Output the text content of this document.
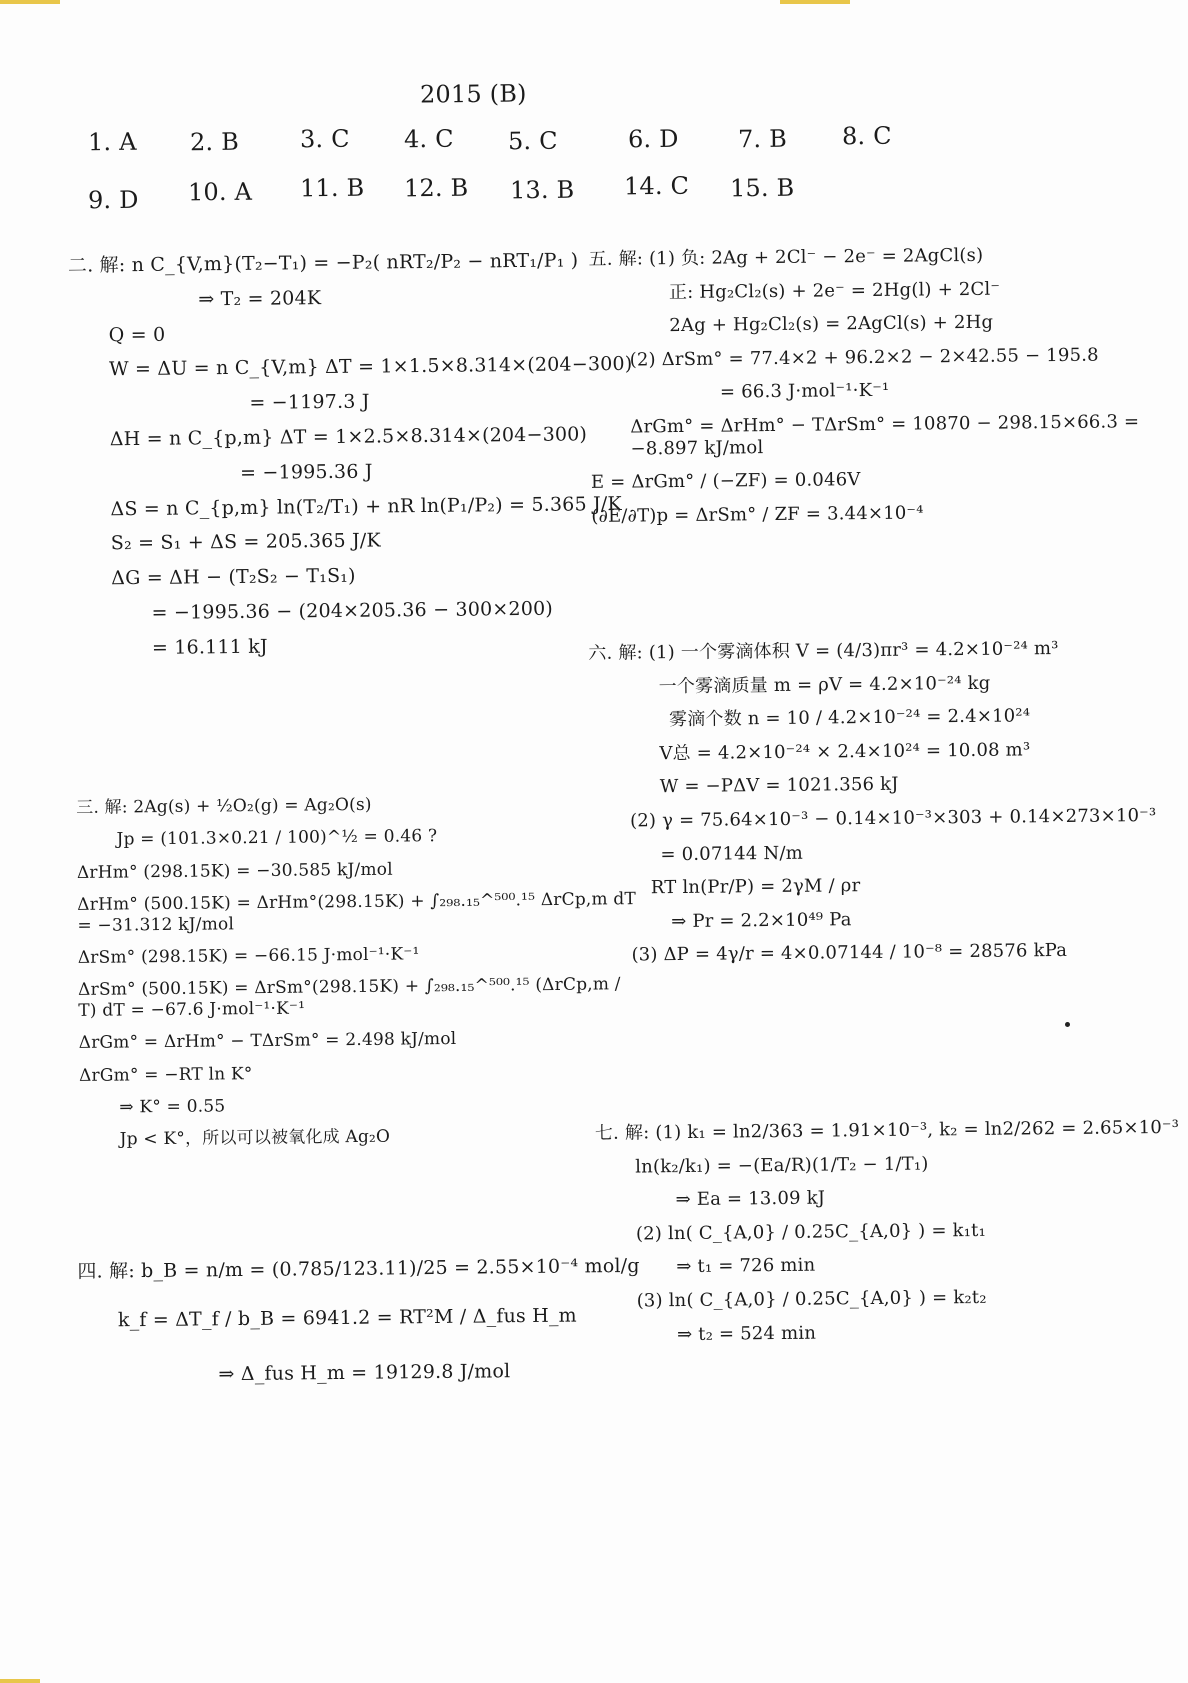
2015 (B)
1. A 2. B	3. C 4. C 5. C	6. D 7. B 8. C
9. D 10. A 11. B 12. B 13. B 14. C 15. B
二. 解: n C_{V,m}(T₂−T₁) = −P₂( nRT₂/P₂ − nRT₁/P₁ )
⇒ T₂ = 204K
Q = 0
W = ΔU = n C_{V,m} ΔT = 1×1.5×8.314×(204−300)
= −1197.3 J
ΔH = n C_{p,m} ΔT = 1×2.5×8.314×(204−300)
= −1995.36 J
ΔS = n C_{p,m} ln(T₂/T₁) + nR ln(P₁/P₂) = 5.365 J/K
S₂ = S₁ + ΔS = 205.365 J/K
ΔG = ΔH − (T₂S₂ − T₁S₁)
= −1995.36 − (204×205.36 − 300×200)
= 16.111 kJ
三. 解: 2Ag(s) + ½O₂(g) = Ag₂O(s)
Jp = (101.3×0.21 / 100)^½ = 0.46 ?
ΔrHm° (298.15K) = −30.585 kJ/mol
ΔrHm° (500.15K) = ΔrHm°(298.15K) + ∫₂₉₈.₁₅^⁵⁰⁰.¹⁵ ΔrCp,m dT = −31.312 kJ/mol
ΔrSm° (298.15K) = −66.15 J·mol⁻¹·K⁻¹
ΔrSm° (500.15K) = ΔrSm°(298.15K) + ∫₂₉₈.₁₅^⁵⁰⁰.¹⁵ (ΔrCp,m / T) dT = −67.6 J·mol⁻¹·K⁻¹
ΔrGm° = ΔrHm° − TΔrSm° = 2.498 kJ/mol
ΔrGm° = −RT ln K°
⇒ K° = 0.55
Jp < K°，所以可以被氧化成 Ag₂O
四. 解: b_B = n/m = (0.785/123.11)/25 = 2.55×10⁻⁴ mol/g
k_f = ΔT_f / b_B = 6941.2 = RT²M / Δ_fus H_m
⇒ Δ_fus H_m = 19129.8 J/mol
五. 解: (1) 负: 2Ag + 2Cl⁻ − 2e⁻ = 2AgCl(s)
正: Hg₂Cl₂(s) + 2e⁻ = 2Hg(l) + 2Cl⁻
2Ag + Hg₂Cl₂(s) = 2AgCl(s) + 2Hg
(2) ΔrSm° = 77.4×2 + 96.2×2 − 2×42.55 − 195.8
= 66.3 J·mol⁻¹·K⁻¹
ΔrGm° = ΔrHm° − TΔrSm° = 10870 − 298.15×66.3 = −8.897 kJ/mol
E = ΔrGm° / (−ZF) = 0.046V
(∂E/∂T)p = ΔrSm° / ZF = 3.44×10⁻⁴
六. 解: (1) 一个雾滴体积 V = (4/3)πr³ = 4.2×10⁻²⁴ m³
一个雾滴质量 m = ρV = 4.2×10⁻²⁴ kg
雾滴个数 n = 10 / 4.2×10⁻²⁴ = 2.4×10²⁴
V总 = 4.2×10⁻²⁴ × 2.4×10²⁴ = 10.08 m³
W = −PΔV = 1021.356 kJ
(2) γ = 75.64×10⁻³ − 0.14×10⁻³×303 + 0.14×273×10⁻³
= 0.07144 N/m
RT ln(Pr/P) = 2γM / ρr
⇒ Pr = 2.2×10⁴⁹ Pa
(3) ΔP = 4γ/r = 4×0.07144 / 10⁻⁸ = 28576 kPa
七. 解: (1) k₁ = ln2/363 = 1.91×10⁻³, k₂ = ln2/262 = 2.65×10⁻³
ln(k₂/k₁) = −(Ea/R)(1/T₂ − 1/T₁)
⇒ Ea = 13.09 kJ
(2) ln( C_{A,0} / 0.25C_{A,0} ) = k₁t₁
⇒ t₁ = 726 min
(3) ln( C_{A,0} / 0.25C_{A,0} ) = k₂t₂
⇒ t₂ = 524 min
